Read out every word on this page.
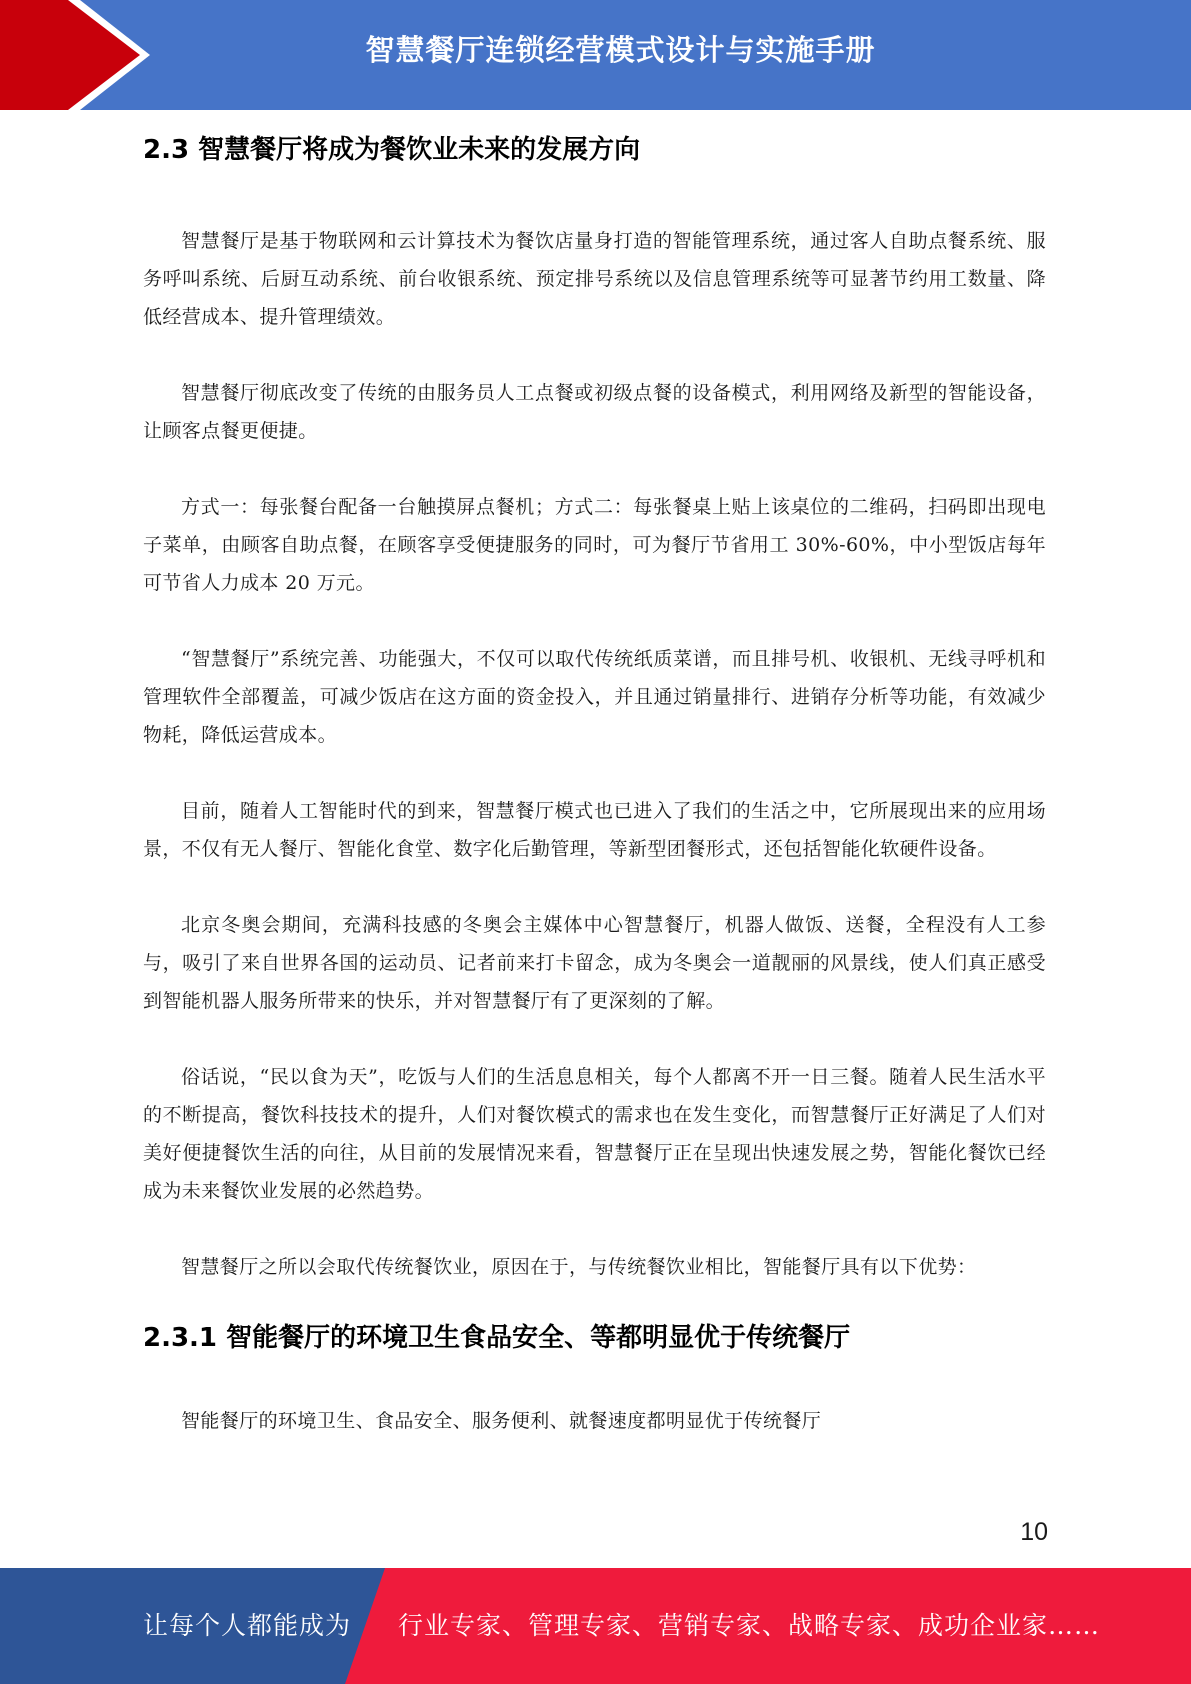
智慧餐厅连锁经营模式设计与实施手册
2.3 智慧餐厅将成为餐饮业未来的发展方向

智慧餐厅是基于物联网和云计算技术为餐饮店量身打造的智能管理系统，通过客人自助点餐系统、服务呼叫系统、后厨互动系统、前台收银系统、预定排号系统以及信息管理系统等可显著节约用工数量、降低经营成本、提升管理绩效。

智慧餐厅彻底改变了传统的由服务员人工点餐或初级点餐的设备模式，利用网络及新型的智能设备，让顾客点餐更便捷。

方式一：每张餐台配备一台触摸屏点餐机；方式二：每张餐桌上贴上该桌位的二维码，扫码即出现电子菜单，由顾客自助点餐，在顾客享受便捷服务的同时，可为餐厅节省用工 30%-60%，中小型饭店每年可节省人力成本 20 万元。

“智慧餐厅”系统完善、功能强大，不仅可以取代传统纸质菜谱，而且排号机、收银机、无线寻呼机和管理软件全部覆盖，可减少饭店在这方面的资金投入，并且通过销量排行、进销存分析等功能，有效减少物耗，降低运营成本。

目前，随着人工智能时代的到来，智慧餐厅模式也已进入了我们的生活之中，它所展现出来的应用场景，不仅有无人餐厅、智能化食堂、数字化后勤管理，等新型团餐形式，还包括智能化软硬件设备。

北京冬奥会期间，充满科技感的冬奥会主媒体中心智慧餐厅，机器人做饭、送餐，全程没有人工参与，吸引了来自世界各国的运动员、记者前来打卡留念，成为冬奥会一道靓丽的风景线，使人们真正感受到智能机器人服务所带来的快乐，并对智慧餐厅有了更深刻的了解。

俗话说，“民以食为天”，吃饭与人们的生活息息相关，每个人都离不开一日三餐。随着人民生活水平的不断提高，餐饮科技技术的提升，人们对餐饮模式的需求也在发生变化，而智慧餐厅正好满足了人们对美好便捷餐饮生活的向往，从目前的发展情况来看，智慧餐厅正在呈现出快速发展之势，智能化餐饮已经成为未来餐饮业发展的必然趋势。

智慧餐厅之所以会取代传统餐饮业，原因在于，与传统餐饮业相比，智能餐厅具有以下优势：

2.3.1 智能餐厅的环境卫生食品安全、等都明显优于传统餐厅

智能餐厅的环境卫生、食品安全、服务便利、就餐速度都明显优于传统餐厅

10
让每个人都能成为 行业专家、管理专家、营销专家、战略专家、成功企业家……
